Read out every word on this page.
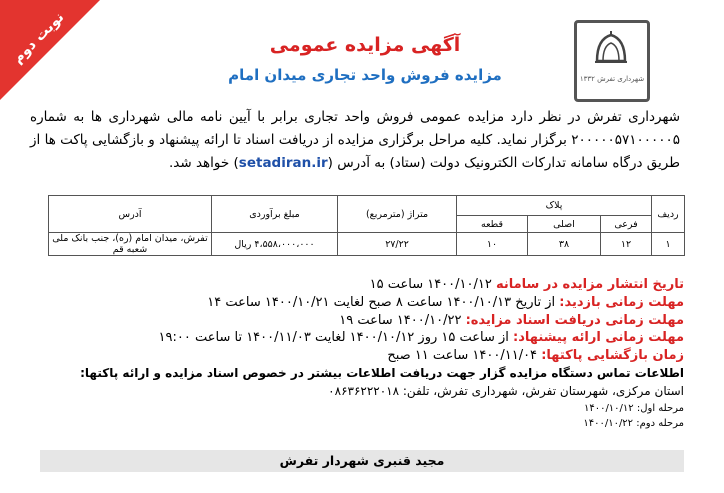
نوبت دوم
شهرداری تفرش ۱۳۳۲
آگهی مزایده عمومی
مزایده فروش واحد تجاری میدان امام
شهرداری تفرش در نظر دارد مزایده عمومی فروش واحد تجاری برابر با آیین نامه مالی شهرداری ها به شماره ۲۰۰۰۰۰۵۷۱۰۰۰۰۰۵ برگزار نماید. کلیه مراحل برگزاری مزایده از دریافت اسناد تا ارائه پیشنهاد و بازگشایی پاکت ها از طریق درگاه سامانه تدارکات الکترونیک دولت (ستاد) به آدرس (setadiran.ir) خواهد شد.
ردیف	پلاک			متراژ (مترمربع)	مبلغ برآوردی	آدرس
	فرعی	اصلی	قطعه			
۱	۱۲	۳۸	۱۰	۲۷/۲۲	۴،۵۵۸،۰۰۰،۰۰۰ ریال	تفرش، میدان امام (ره)، جنب بانک ملی شعبه قم
تاریخ انتشار مزایده در سامانه ۱۴۰۰/۱۰/۱۲ ساعت ۱۵
مهلت زمانی بازدید: از تاریخ ۱۴۰۰/۱۰/۱۳ ساعت ۸ صبح لغایت ۱۴۰۰/۱۰/۲۱ ساعت ۱۴
مهلت زمانی دریافت اسناد مزایده: ۱۴۰۰/۱۰/۲۲ ساعت ۱۹
مهلت زمانی ارائه پیشنهاد: از ساعت ۱۵ روز ۱۴۰۰/۱۰/۱۲ لغایت ۱۴۰۰/۱۱/۰۳ تا ساعت ۱۹:۰۰
زمان بازگشایی پاکتها: ۱۴۰۰/۱۱/۰۴ ساعت ۱۱ صبح
اطلاعات تماس دستگاه مزایده گزار جهت دریافت اطلاعات بیشتر در خصوص اسناد مزایده و ارائه پاکتها:
استان مرکزی، شهرستان تفرش، شهرداری تفرش، تلفن: ۰۸۶۳۶۲۲۲۰۱۸
مرحله اول: ۱۴۰۰/۱۰/۱۲
مرحله دوم: ۱۴۰۰/۱۰/۲۲
مجید قنبری شهردار تفرش
